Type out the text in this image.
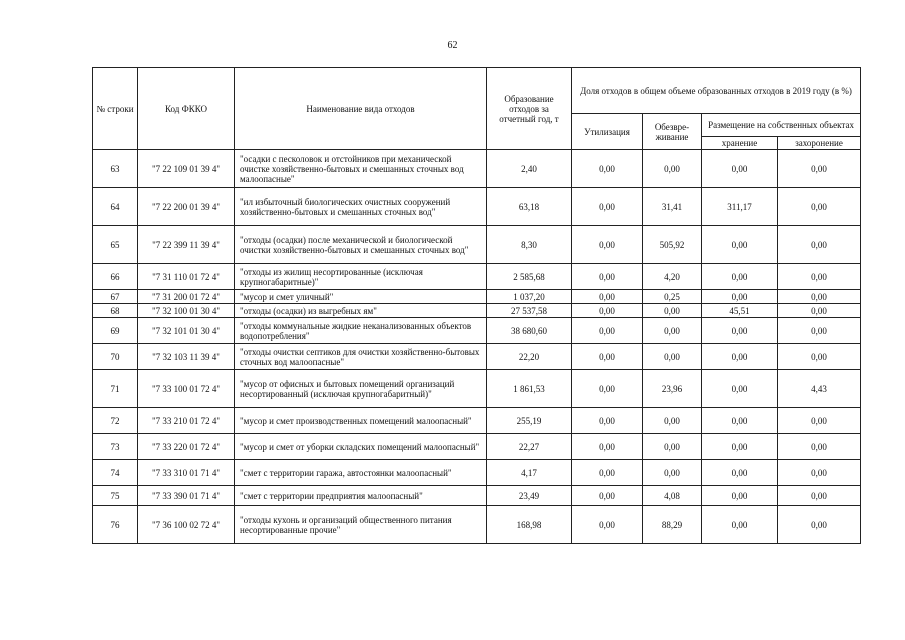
62
№ строки	Код ФККО	Наименование вида отходов	Образование отходов за отчетный год, т	Доля отходов в общем объеме образованных отходов в 2019 году (в %)			
				Утилизация	Обезвре-живание	Размещение на собственных объектах	
						хранение	захоронение
63	"7 22 109 01 39 4"	"осадки с песколовок и отстойников при механической очистке хозяйственно-бытовых и смешанных сточных вод малоопасные"	2,40	0,00	0,00	0,00	0,00
64	"7 22 200 01 39 4"	"ил избыточный биологических очистных сооружений хозяйственно-бытовых и смешанных сточных вод"	63,18	0,00	31,41	311,17	0,00
65	"7 22 399 11 39 4"	"отходы (осадки) после механической и биологической очистки хозяйственно-бытовых и смешанных сточных вод"	8,30	0,00	505,92	0,00	0,00
66	"7 31 110 01 72 4"	"отходы из жилищ несортированные (исключая крупногабаритные)"	2 585,68	0,00	4,20	0,00	0,00
67	"7 31 200 01 72 4"	"мусор и смет уличный"	1 037,20	0,00	0,25	0,00	0,00
68	"7 32 100 01 30 4"	"отходы (осадки) из выгребных ям"	27 537,58	0,00	0,00	45,51	0,00
69	"7 32 101 01 30 4"	"отходы коммунальные жидкие неканализованных объектов водопотребления"	38 680,60	0,00	0,00	0,00	0,00
70	"7 32 103 11 39 4"	"отходы очистки септиков для очистки хозяйственно-бытовых сточных вод малоопасные"	22,20	0,00	0,00	0,00	0,00
71	"7 33 100 01 72 4"	"мусор от офисных и бытовых помещений организаций несортированный (исключая крупногабаритный)"	1 861,53	0,00	23,96	0,00	4,43
72	"7 33 210 01 72 4"	"мусор и смет производственных помещений малоопасный"	255,19	0,00	0,00	0,00	0,00
73	"7 33 220 01 72 4"	"мусор и смет от уборки складских помещений малоопасный"	22,27	0,00	0,00	0,00	0,00
74	"7 33 310 01 71 4"	"смет с территории гаража, автостоянки малоопасный"	4,17	0,00	0,00	0,00	0,00
75	"7 33 390 01 71 4"	"смет с территории предприятия малоопасный"	23,49	0,00	4,08	0,00	0,00
76	"7 36 100 02 72 4"	"отходы кухонь и организаций общественного питания несортированные прочие"	168,98	0,00	88,29	0,00	0,00
